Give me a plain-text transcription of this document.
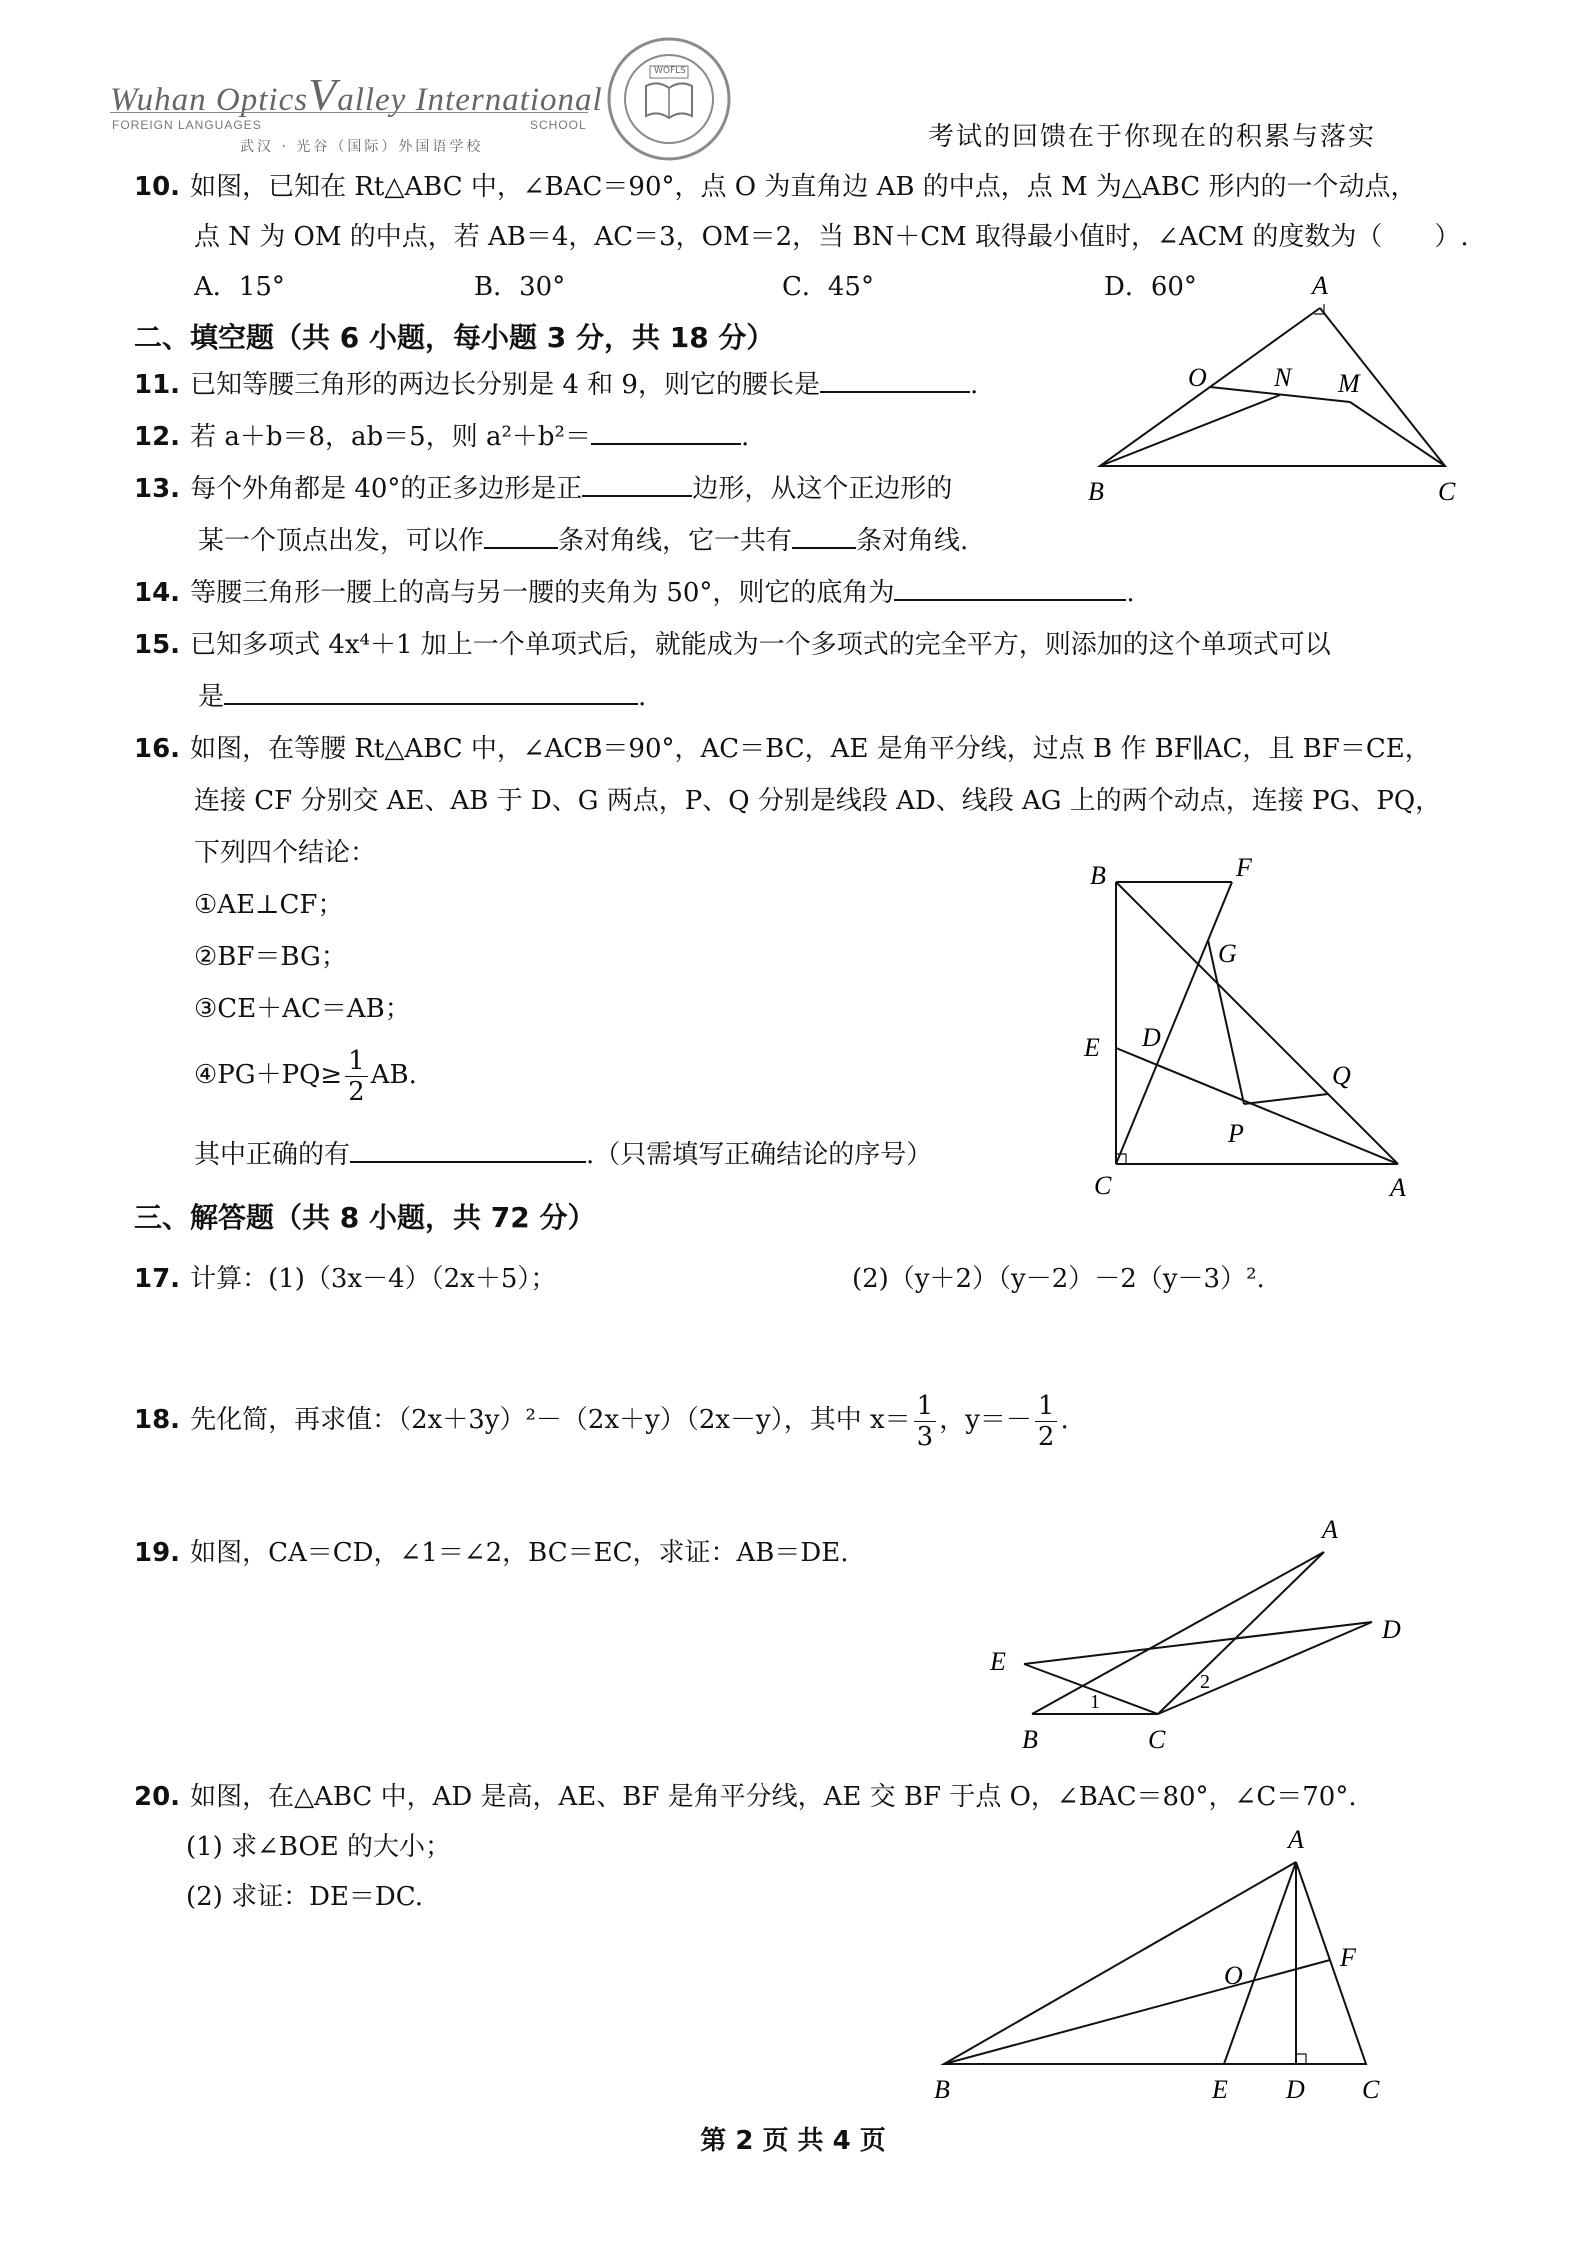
Wuhan OpticsValley International
FOREIGN LANGUAGES	SCHOOL
武汉 · 光谷（国际）外国语学校
WOFLS
考试的回馈在于你现在的积累与落实
10. 如图，已知在 Rt△ABC 中，∠BAC＝90°，点 O 为直角边 AB 的中点，点 M 为△ABC 形内的一个动点，
点 N 为 OM 的中点，若 AB＝4，AC＝3，OM＝2，当 BN＋CM 取得最小值时，∠ACM 的度数为（　　）.
A．15°	B．30°	C．45°	D．60°	A
O	N M
B	C
二、填空题（共 6 小题，每小题 3 分，共 18 分）
11. 已知等腰三角形的两边长分别是 4 和 9，则它的腰长是	.
12. 若 a＋b＝8，ab＝5，则 a²＋b²＝	.
13. 每个外角都是 40°的正多边形是正	边形，从这个正边形的
某一个顶点出发，可以作	条对角线，它一共有 条对角线.
14. 等腰三角形一腰上的高与另一腰的夹角为 50°，则它的底角为	.
15. 已知多项式 4x⁴＋1 加上一个单项式后，就能成为一个多项式的完全平方，则添加的这个单项式可以
是	.
16. 如图，在等腰 Rt△ABC 中，∠ACB＝90°，AC＝BC，AE 是角平分线，过点 B 作 BF∥AC，且 BF＝CE，
连接 CF 分别交 AE、AB 于 D、G 两点，P、Q 分别是线段 AD、线段 AG 上的两个动点，连接 PG、PQ，
下列四个结论：
①AE⊥CF；
②BF＝BG；
③CE＋AC＝AB；
④PG＋PQ≥ $\frac{1}{2}$ AB.
其中正确的有	.（只需填写正确结论的序号）
B	F
G
E D
Q
P
C	A
三、解答题（共 8 小题，共 72 分）
17. 计算：(1)（3x－4）（2x＋5）；	(2)（y＋2）（y－2）－2（y－3）².
18. 先化简，再求值：（2x＋3y）²－（2x＋y）（2x－y），其中 $x= \frac{1}{3}$ ，$y=- \frac{1}{2}$ .
19. 如图，CA＝CD，∠1＝∠2，BC＝EC，求证：AB＝DE.
A
D
E
B	C
1
2
20. 如图，在△ABC 中，AD 是高，AE、BF 是角平分线，AE 交 BF 于点 O，∠BAC＝80°，∠C＝70°.
(1) 求∠BOE 的大小；
(2) 求证：DE＝DC.
A
O
F
B	E D C
第 2 页 共 4 页
